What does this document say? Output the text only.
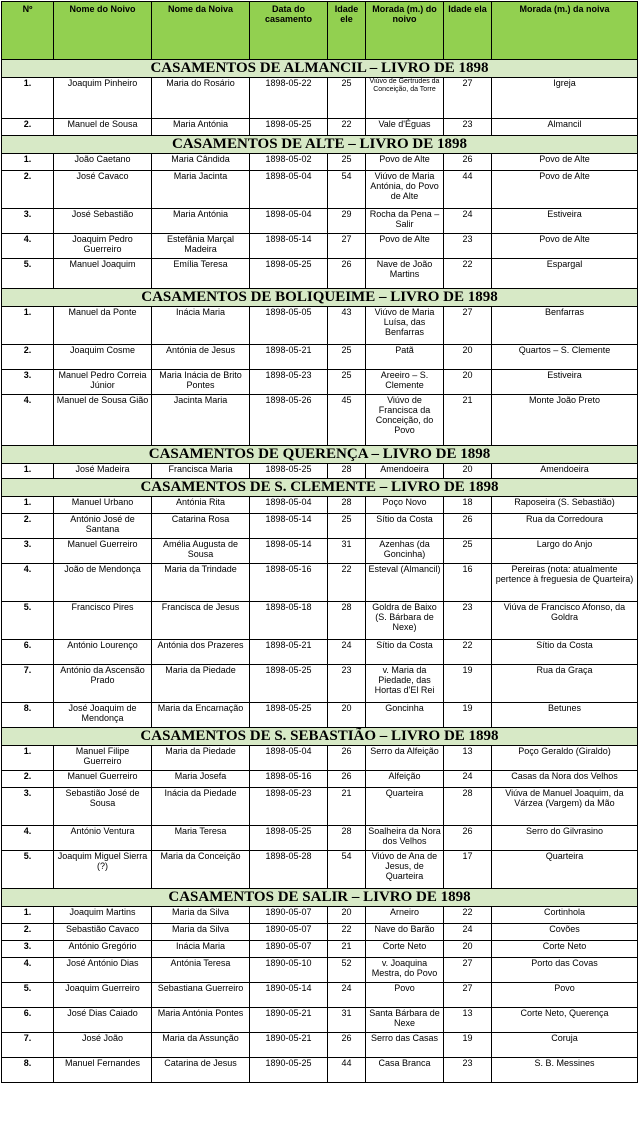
Nº	Nome do Noivo	Nome da Noiva	Data do casamento	Idade ele	Morada (m.) do noivo	Idade ela	Morada (m.) da noiva
CASAMENTOS DE ALMANCIL – LIVRO DE 1898							
1.	Joaquim Pinheiro	Maria do Rosário	1898-05-22	25	Viúvo de Gertrudes da Conceição, da Torre	27	Igreja
2.	Manuel de Sousa	Maria Antónia	1898-05-25	22	Vale d'Éguas	23	Almancil
CASAMENTOS DE ALTE – LIVRO DE 1898							
1.	João Caetano	Maria Cândida	1898-05-02	25	Povo de Alte	26	Povo de Alte
2.	José Cavaco	Maria Jacinta	1898-05-04	54	Viúvo de Maria Antónia, do Povo de Alte	44	Povo de Alte
3.	José Sebastião	Maria Antónia	1898-05-04	29	Rocha da Pena – Salir	24	Estiveira
4.	Joaquim Pedro Guerreiro	Estefânia Marçal Madeira	1898-05-14	27	Povo de Alte	23	Povo de Alte
5.	Manuel Joaquim	Emília Teresa	1898-05-25	26	Nave de João Martins	22	Espargal
CASAMENTOS DE BOLIQUEIME – LIVRO DE 1898							
1.	Manuel da Ponte	Inácia Maria	1898-05-05	43	Viúvo de Maria Luísa, das Benfarras	27	Benfarras
2.	Joaquim Cosme	Antónia de Jesus	1898-05-21	25	Patã	20	Quartos – S. Clemente
3.	Manuel Pedro Correia Júnior	Maria Inácia de Brito Pontes	1898-05-23	25	Areeiro – S. Clemente	20	Estiveira
4.	Manuel de Sousa Gião	Jacinta Maria	1898-05-26	45	Viúvo de Francisca da Conceição, do Povo	21	Monte João Preto
CASAMENTOS DE QUERENÇA – LIVRO DE 1898							
1.	José Madeira	Francisca Maria	1898-05-25	28	Amendoeira	20	Amendoeira
CASAMENTOS DE S. CLEMENTE – LIVRO DE 1898							
1.	Manuel Urbano	Antónia Rita	1898-05-04	28	Poço Novo	18	Raposeira (S. Sebastião)
2.	António José de Santana	Catarina Rosa	1898-05-14	25	Sítio da Costa	26	Rua da Corredoura
3.	Manuel Guerreiro	Amélia Augusta de Sousa	1898-05-14	31	Azenhas (da Goncinha)	25	Largo do Anjo
4.	João de Mendonça	Maria da Trindade	1898-05-16	22	Esteval (Almancil)	16	Pereiras (nota: atualmente pertence à freguesia de Quarteira)
5.	Francisco Pires	Francisca de Jesus	1898-05-18	28	Goldra de Baixo (S. Bárbara de Nexe)	23	Viúva de Francisco Afonso, da Goldra
6.	António Lourenço	Antónia dos Prazeres	1898-05-21	24	Sítio da Costa	22	Sítio da Costa
7.	António da Ascensão Prado	Maria da Piedade	1898-05-25	23	v. Maria da Piedade, das Hortas d'El Rei	19	Rua da Graça
8.	José Joaquim de Mendonça	Maria da Encarnação	1898-05-25	20	Goncinha	19	Betunes
CASAMENTOS DE S. SEBASTIÃO – LIVRO DE 1898							
1.	Manuel Filipe Guerreiro	Maria da Piedade	1898-05-04	26	Serro da Alfeição	13	Poço Geraldo (Giraldo)
2.	Manuel Guerreiro	Maria Josefa	1898-05-16	26	Alfeição	24	Casas da Nora dos Velhos
3.	Sebastião José de Sousa	Inácia da Piedade	1898-05-23	21	Quarteira	28	Viúva de Manuel Joaquim, da Várzea (Vargem) da Mão
4.	António Ventura	Maria Teresa	1898-05-25	28	Soalheira da Nora dos Velhos	26	Serro do Gilvrasino
5.	Joaquim Miguel Sierra (?)	Maria da Conceição	1898-05-28	54	Viúvo de Ana de Jesus, de Quarteira	17	Quarteira
CASAMENTOS DE SALIR – LIVRO DE 1898							
1.	Joaquim Martins	Maria da Silva	1890-05-07	20	Arneiro	22	Cortinhola
2.	Sebastião Cavaco	Maria da Silva	1890-05-07	22	Nave do Barão	24	Covões
3.	António Gregório	Inácia Maria	1890-05-07	21	Corte Neto	20	Corte Neto
4.	José António Dias	Antónia Teresa	1890-05-10	52	v. Joaquina Mestra, do Povo	27	Porto das Covas
5.	Joaquim Guerreiro	Sebastiana Guerreiro	1890-05-14	24	Povo	27	Povo
6.	José Dias Caiado	Maria Antónia Pontes	1890-05-21	31	Santa Bárbara de Nexe	13	Corte Neto, Querença
7.	José João	Maria da Assunção	1890-05-21	26	Serro das Casas	19	Coruja
8.	Manuel Fernandes	Catarina de Jesus	1890-05-25	44	Casa Branca	23	S. B. Messines
